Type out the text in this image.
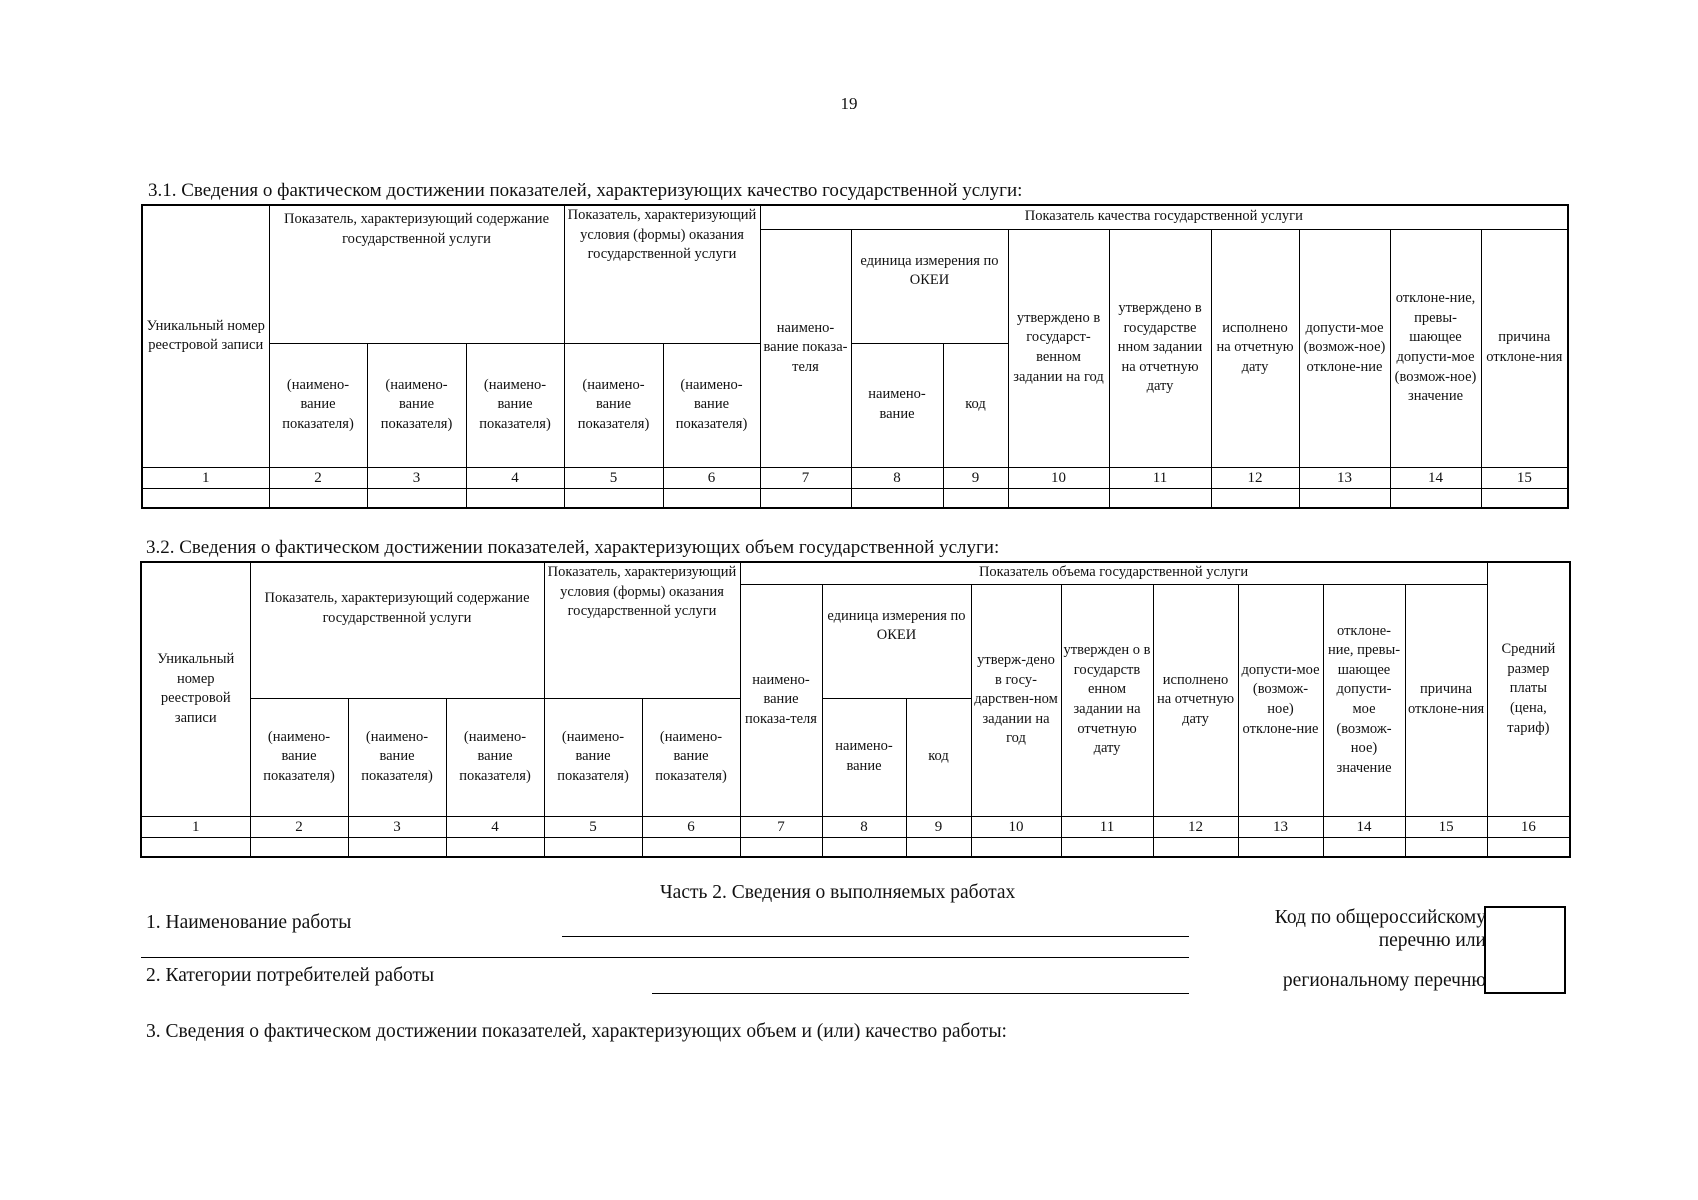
19
3.1. Сведения о фактическом достижении показателей, характеризующих качество государственной услуги:
Уникальный номер реестровой записи	Показатель, характеризующий содержание государственной услуги			Показатель, характеризующий условия (формы) оказания государственной услуги		Показатель качества государственной услуги								
						наимено-вание показа-теля	единица измерения по ОКЕИ		утверждено в государст-венном задании на год	утверждено в государстве нном задании на отчетную дату	исполнено на отчетную дату	допусти-мое (возмож-ное) отклоне-ние	отклоне-ние, превы-шающее допусти-мое (возмож-ное) значение	причина отклоне-ния
	(наимено-вание показателя)	(наимено-вание показателя)	(наимено-вание показателя)	(наимено-вание показателя)	(наимено-вание показателя)		наимено-вание	код						
1	2	3	4	5	6	7	8	9	10	11	12	13	14	15

3.2. Сведения о фактическом достижении показателей, характеризующих объем государственной услуги:
Уникальный номер реестровой записи	Показатель, характеризующий содержание государственной услуги			Показатель, характеризующий условия (формы) оказания государственной услуги		Показатель объема государственной услуги									Средний размер платы (цена, тариф)
						наимено-вание показа-теля	единица измерения по ОКЕИ		утверж-дено в госу-дарствен-ном задании на год	утвержден о в государств енном задании на отчетную дату	исполнено на отчетную дату	допусти-мое (возмож-ное) отклоне-ние	отклоне-ние, превы-шающее допусти-мое (возмож-ное) значение	причина отклоне-ния	
	(наимено-вание показателя)	(наимено-вание показателя)	(наимено-вание показателя)	(наимено-вание показателя)	(наимено-вание показателя)		наимено-вание	код							
1	2	3	4	5	6	7	8	9	10	11	12	13	14	15	16

Часть 2. Сведения о выполняемых работах
1. Наименование работы
2. Категории потребителей работы
Код по общероссийскому
перечню или
региональному перечню
3. Сведения о фактическом достижении показателей, характеризующих объем и (или) качество работы:
